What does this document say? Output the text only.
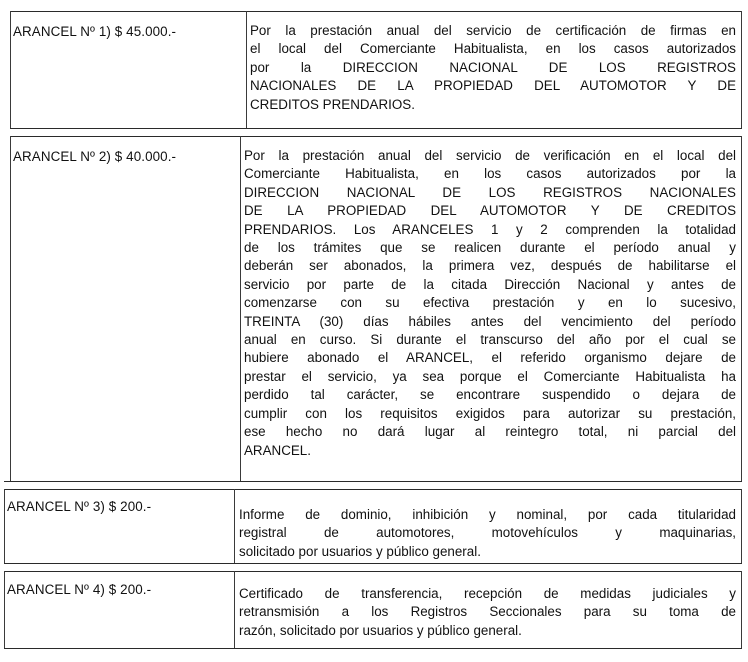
ARANCEL Nº 1) $ 45.000.-	Por la prestación anual del servicio de certificación de firmas en
el local del Comerciante Habitualista, en los casos autorizados
por la DIRECCION NACIONAL DE LOS REGISTROS
NACIONALES DE LA PROPIEDAD DEL AUTOMOTOR Y DE
CREDITOS PRENDARIOS.
ARANCEL Nº 2) $ 40.000.-	Por la prestación anual del servicio de verificación en el local del
Comerciante Habitualista, en los casos autorizados por la
DIRECCION NACIONAL DE LOS REGISTROS NACIONALES
DE LA PROPIEDAD DEL AUTOMOTOR Y DE CREDITOS
PRENDARIOS. Los ARANCELES 1 y 2 comprenden la totalidad
de los trámites que se realicen durante el período anual y
deberán ser abonados, la primera vez, después de habilitarse el
servicio por parte de la citada Dirección Nacional y antes de
comenzarse con su efectiva prestación y en lo sucesivo,
TREINTA (30) días hábiles antes del vencimiento del período
anual en curso. Si durante el transcurso del año por el cual se
hubiere abonado el ARANCEL, el referido organismo dejare de
prestar el servicio, ya sea porque el Comerciante Habitualista ha
perdido tal carácter, se encontrare suspendido o dejara de
cumplir con los requisitos exigidos para autorizar su prestación,
ese hecho no dará lugar al reintegro total, ni parcial del
ARANCEL.
ARANCEL Nº 3) $ 200.-
Informe de dominio, inhibición y nominal, por cada titularidad
registral de automotores, motovehículos y maquinarias,
solicitado por usuarios y público general.
ARANCEL Nº 4) $ 200.-	Certificado de transferencia, recepción de medidas judiciales y
retransmisión a los Registros Seccionales para su toma de
razón, solicitado por usuarios y público general.
